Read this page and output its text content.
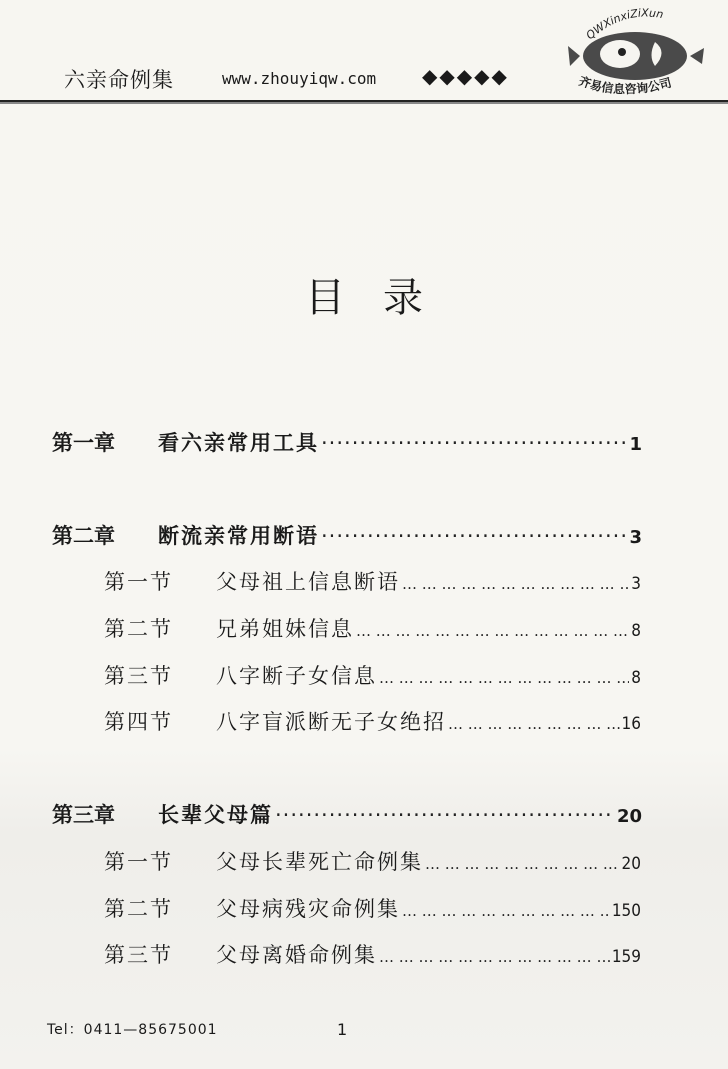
六亲命例集	www.zhouyiqw.com ◆◆◆◆◆
QWXinxiZiXun
齐易信息咨询公司
目录
第一章	看六亲常用工具 ·····	1
第二章	断流亲常用断语 ·····	3
第一节	父母祖上信息断语 … … … … … … … … … … … … … … … … … … … … … … … … … … … … … … … … … … … … …	3
第二节	兄弟姐妹信息 … … … … … … … … … … … … … … … … … … … … … … … … … … … … … … … … … … … … …	8
第三节	八字断子女信息 … … … … … … … … … … … … … … … … … … … … … … … … … … … … … … … … … … … … …	8
第四节	八字盲派断无子女绝招 … … … … … … … … … … … … … … … … … … … … … … … … … … … … … … … … … … … … …	16
第三章	长辈父母篇 ·····	20
第一节	父母长辈死亡命例集 … … … … … … … … … … … … … … … … … … … … … … … … … … … … … … … … … … … … …	20
第二节	父母病残灾命例集 … … … … … … … … … … … … … … … … … … … … … … … … … … … … … … … … … … … … …	150
第三节	父母离婚命例集 … … … … … … … … … … … … … … … … … … … … … … … … … … … … … … … … … … … … …	159
Tel：0411—85675001	1
